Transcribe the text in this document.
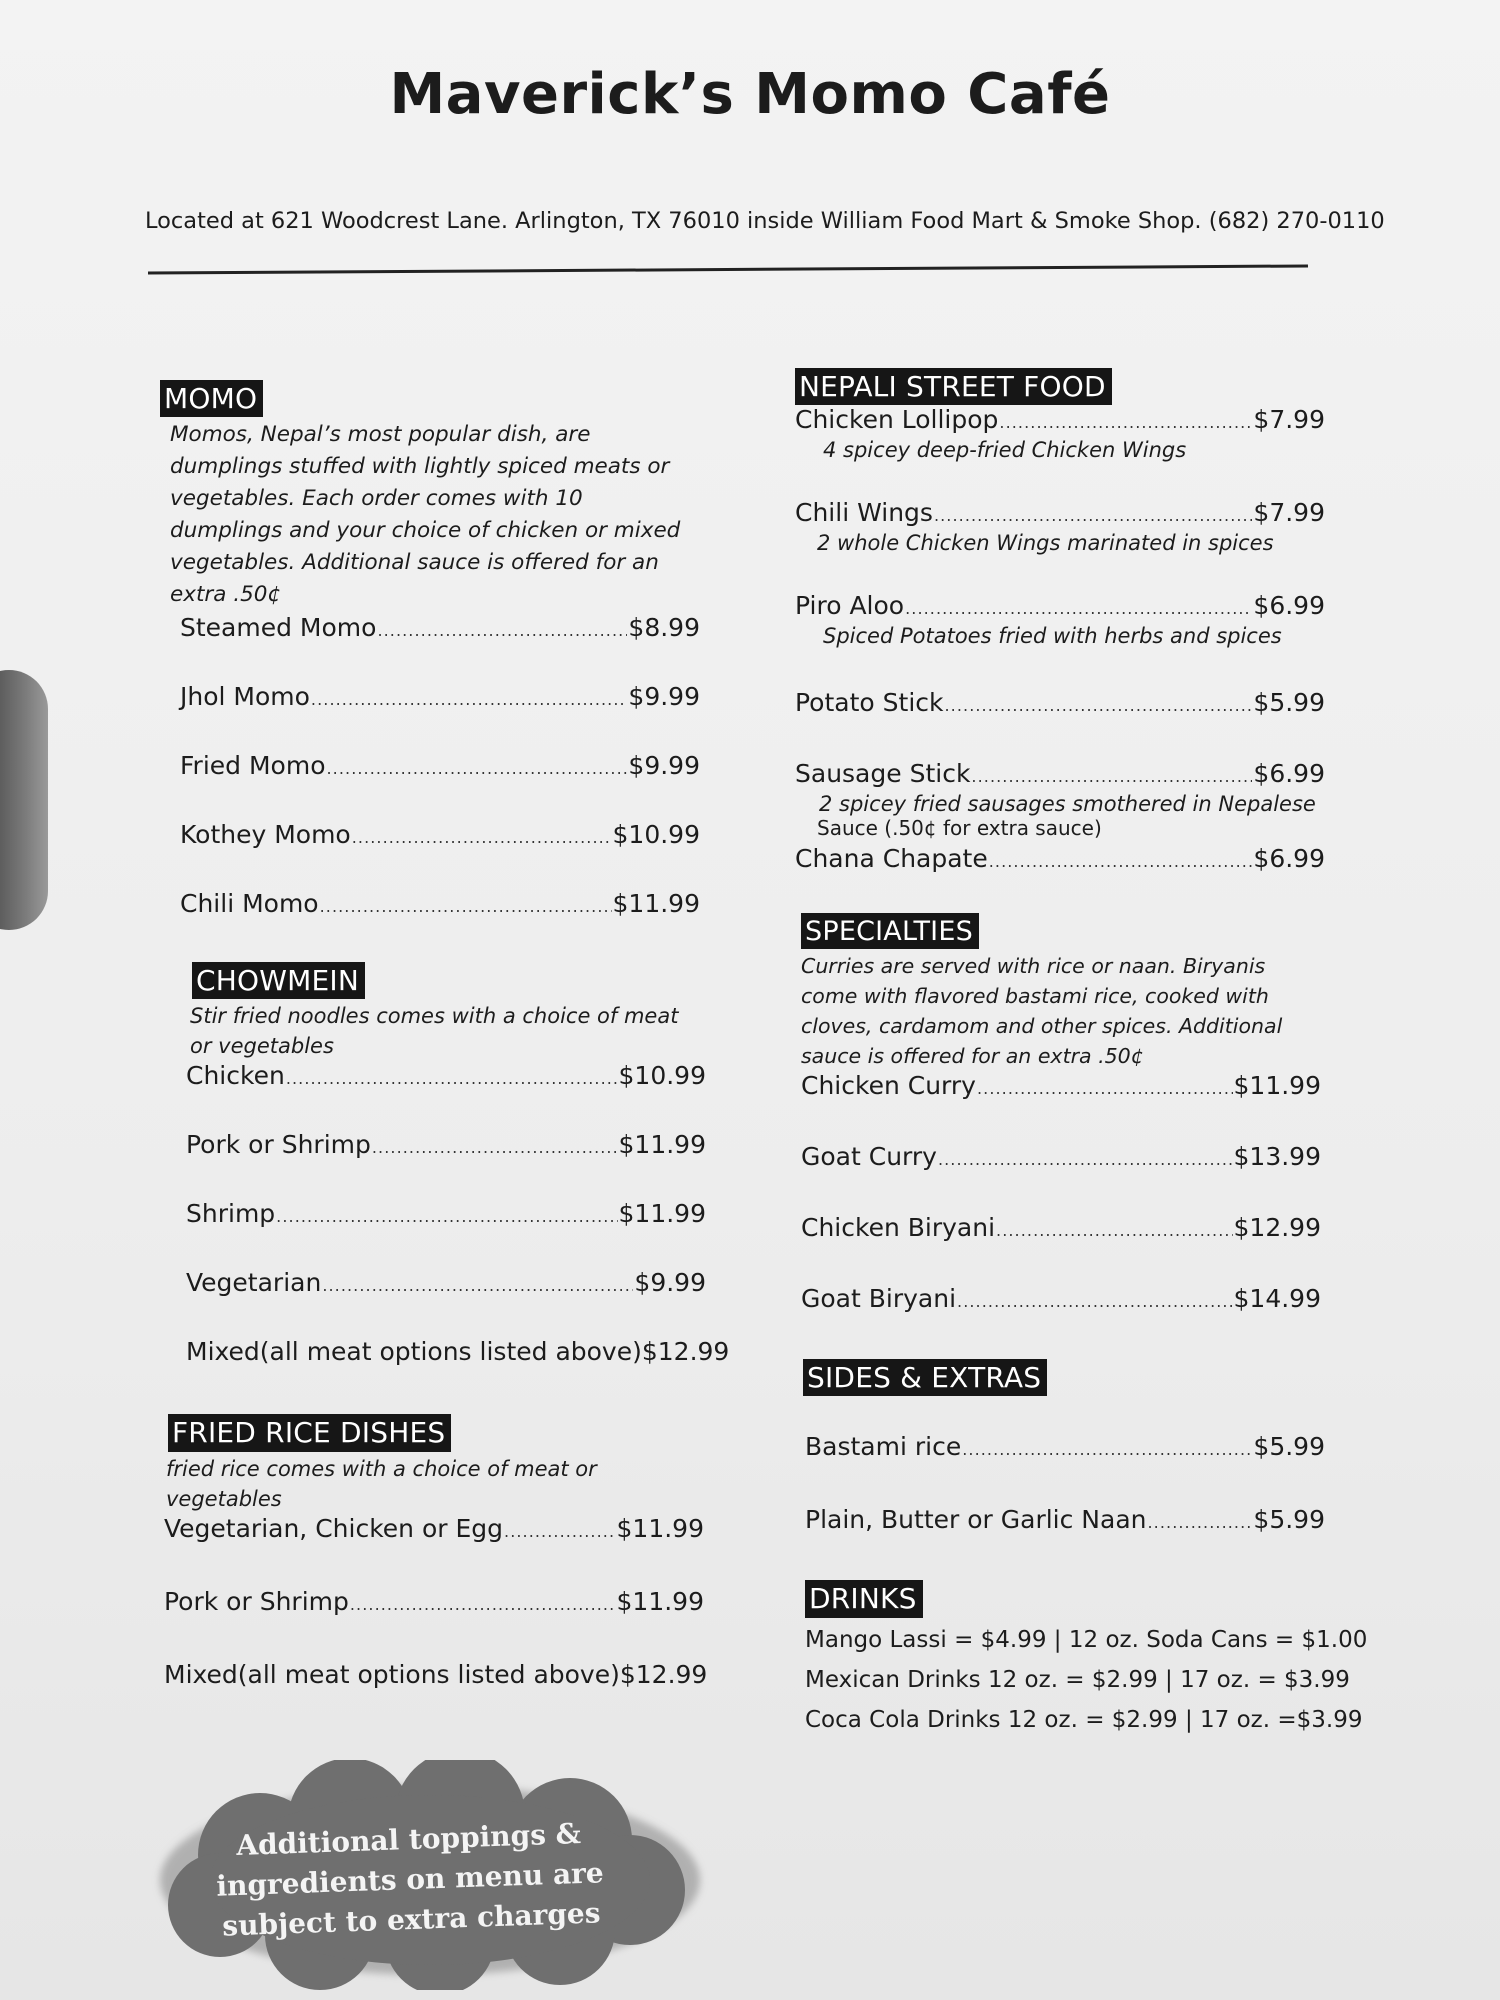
Maverick’s Momo Café
Located at 621 Woodcrest Lane. Arlington, TX 76010 inside William Food Mart & Smoke Shop. (682) 270-0110
MOMO
Momos, Nepal’s most popular dish, are dumplings stuffed with lightly spiced meats or vegetables. Each order comes with 10 dumplings and your choice of chicken or mixed vegetables. Additional sauce is offered for an extra .50¢
Steamed Momo . . .	$8.99
Jhol Momo . . .	$9.99
Fried Momo . . .	$9.99
Kothey Momo . . .	$10.99
Chili Momo . . .	$11.99
CHOWMEIN
Stir fried noodles comes with a choice of meat or vegetables
Chicken . . .	$10.99
Pork or Shrimp . . .	$11.99
Shrimp . . .	$11.99
Vegetarian . . .	$9.99
Mixed(all meat options listed above) $12.99
FRIED RICE DISHES
fried rice comes with a choice of meat or vegetables
Vegetarian, Chicken or Egg . . .	$11.99
Pork or Shrimp . . .	$11.99
Mixed(all meat options listed above) $12.99
NEPALI STREET FOOD
Chicken Lollipop . . .	$7.99
4 spicey deep-fried Chicken Wings
Chili Wings . . .	$7.99
2 whole Chicken Wings marinated in spices
Piro Aloo . . .	$6.99
Spiced Potatoes fried with herbs and spices
Potato Stick . . .	$5.99
Sausage Stick . . .	$6.99
2 spicey fried sausages smothered in Nepalese
Sauce (.50¢ for extra sauce)
Chana Chapate . . .	$6.99
SPECIALTIES
Curries are served with rice or naan. Biryanis come with flavored bastami rice, cooked with cloves, cardamom and other spices. Additional sauce is offered for an extra .50¢
Chicken Curry . . .	$11.99
Goat Curry . . .	$13.99
Chicken Biryani . . .	$12.99
Goat Biryani . . .	$14.99
SIDES & EXTRAS
Bastami rice . . .	$5.99
Plain, Butter or Garlic Naan . . .	$5.99
DRINKS
Mango Lassi = $4.99 | 12 oz. Soda Cans = $1.00
Mexican Drinks 12 oz. = $2.99 | 17 oz. = $3.99
Coca Cola Drinks 12 oz. = $2.99 | 17 oz. =$3.99
Additional toppings &
ingredients on menu are
subject to extra charges
